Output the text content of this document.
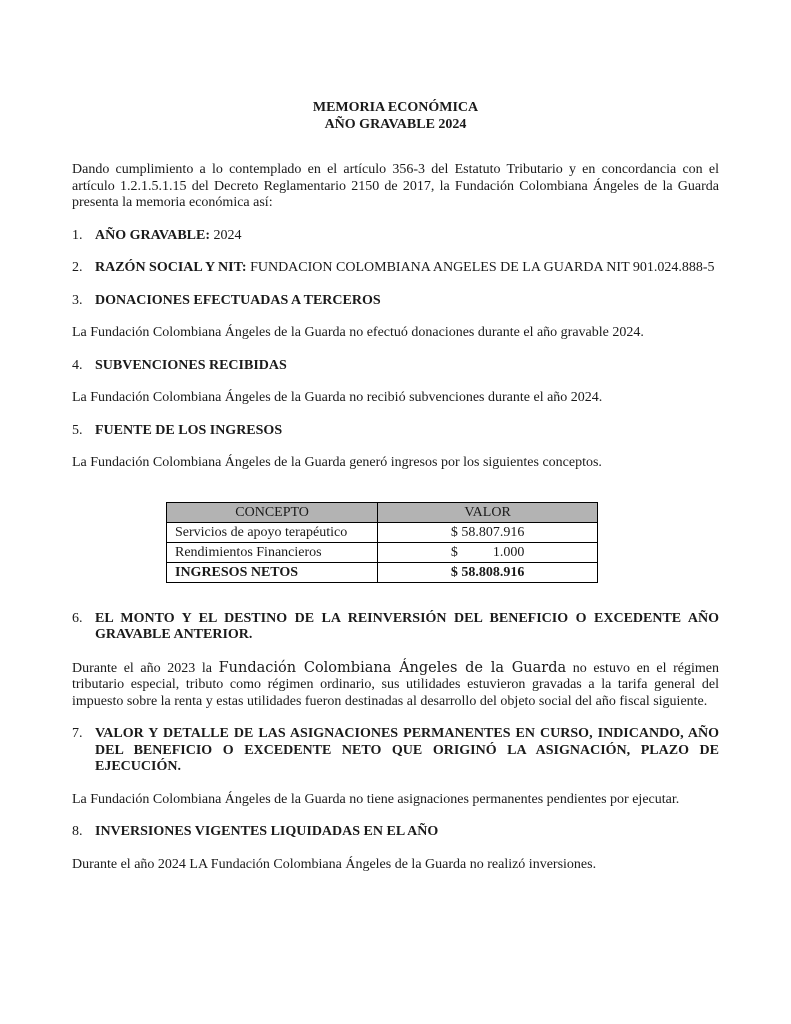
MEMORIA ECONÓMICA
AÑO GRAVABLE 2024

Dando cumplimiento a lo contemplado en el artículo 356-3 del Estatuto Tributario y en concordancia con el artículo 1.2.1.5.1.15 del Decreto Reglamentario 2150 de 2017, la Fundación Colombiana Ángeles de la Guarda presenta la memoria económica así:

1. AÑO GRAVABLE: 2024
2. RAZÓN SOCIAL Y NIT: FUNDACION COLOMBIANA ANGELES DE LA GUARDA NIT 901.024.888-5
3. DONACIONES EFECTUADAS A TERCEROS

La Fundación Colombiana Ángeles de la Guarda no efectuó donaciones durante el año gravable 2024.

4. SUBVENCIONES RECIBIDAS

La Fundación Colombiana Ángeles de la Guarda no recibió subvenciones durante el año 2024.

5. FUENTE DE LOS INGRESOS

La Fundación Colombiana Ángeles de la Guarda generó ingresos por los siguientes conceptos.

CONCEPTO	VALOR
Servicios de apoyo terapéutico	$ 58.807.916
Rendimientos Financieros	$          1.000
INGRESOS NETOS	$ 58.808.916
6. EL MONTO Y EL DESTINO DE LA REINVERSIÓN DEL BENEFICIO O EXCEDENTE AÑO GRAVABLE ANTERIOR.

Durante el año 2023 la Fundación Colombiana Ángeles de la Guarda no estuvo en el régimen tributario especial, tributo como régimen ordinario, sus utilidades estuvieron gravadas a la tarifa general del impuesto sobre la renta y estas utilidades fueron destinadas al desarrollo del objeto social del año fiscal siguiente.

7. VALOR Y DETALLE DE LAS ASIGNACIONES PERMANENTES EN CURSO, INDICANDO, AÑO DEL BENEFICIO O EXCEDENTE NETO QUE ORIGINÓ LA ASIGNACIÓN, PLAZO DE EJECUCIÓN.

La Fundación Colombiana Ángeles de la Guarda no tiene asignaciones permanentes pendientes por ejecutar.

8. INVERSIONES VIGENTES LIQUIDADAS EN EL AÑO

Durante el año 2024 LA Fundación Colombiana Ángeles de la Guarda no realizó inversiones.
